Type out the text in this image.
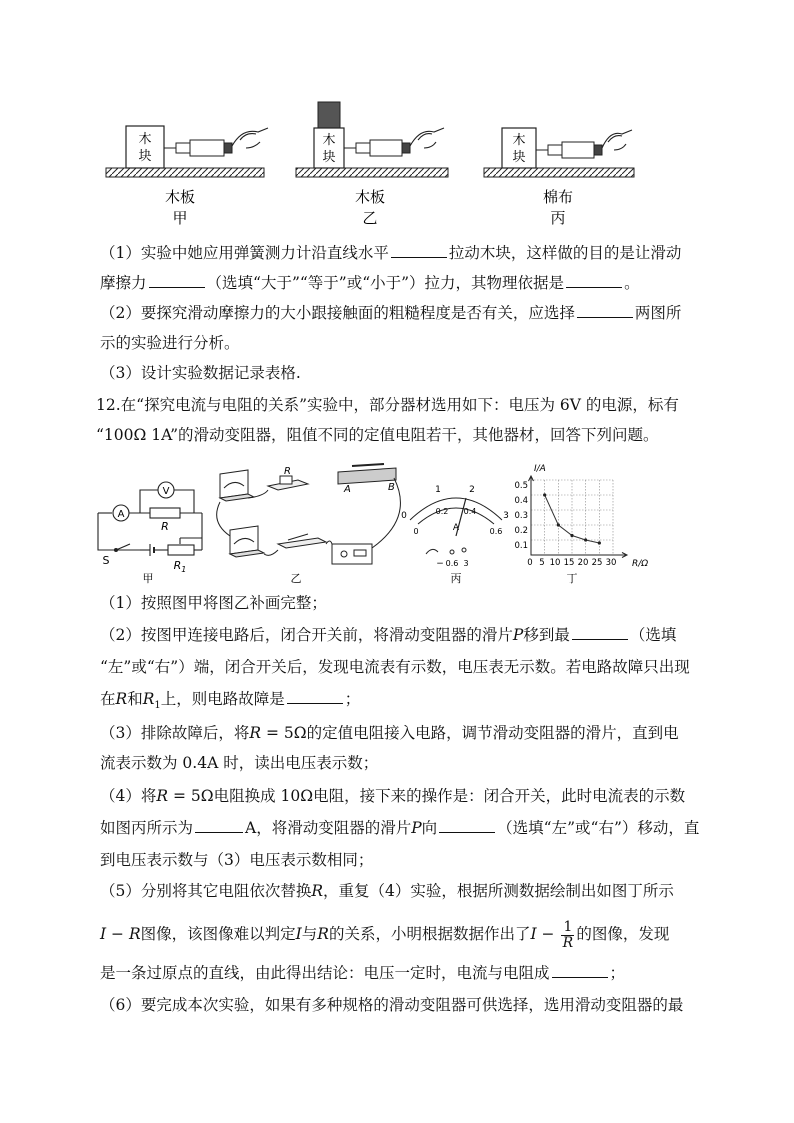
木
块
木板
甲
木
块
木板
乙
木
块
棉布
丙
（1）实验中她应用弹簧测力计沿直线水平	拉动木块，这样做的目的是让滑动
摩擦力	（选填“大于”“等于”或“小于”）拉力，其物理依据是	。
（2）要探究滑动摩擦力的大小跟接触面的粗糙程度是否有关，应选择	两图所
示的实验进行分析。
（3）设计实验数据记录表格.
12.在“探究电流与电阻的关系”实验中，部分器材选用如下：电压为 6V 的电源，标有
“100Ω 1A”的滑动变阻器，阻值不同的定值电阻若干，其他器材，回答下列问题。
A
V
R
S	$R_1$
甲
R
A	B
乙
0
1	2
3
0
0.2 0.4
0.6
A
− 0.6 3
丙
I/A
R/Ω
0.5
0.4
0.3
0.2
0.1
0 5 10 15 20 25 30
丁
（1）按照图甲将图乙补画完整；
（2）按图甲连接电路后，闭合开关前，将滑动变阻器的滑片P移到最	（选填
“左”或“右”）端，闭合开关后，发现电流表有示数，电压表无示数。若电路故障只出现
在R和$R_1$上，则电路故障是	；
（3）排除故障后，将R = 5Ω的定值电阻接入电路，调节滑动变阻器的滑片，直到电
流表示数为 0.4A 时，读出电压表示数；
（4）将R = 5Ω电阻换成 10Ω电阻，接下来的操作是：闭合开关，此时电流表的示数
如图丙所示为	A，将滑动变阻器的滑片P向	（选填“左”或“右”）移动，直
到电压表示数与（3）电压表示数相同；
（5）分别将其它电阻依次替换R，重复（4）实验，根据所测数据绘制出如图丁所示
I − R图像，该图像难以判定I与R的关系，小明根据数据作出了$I - \frac{1}{R}$ 的图像，发现
是一条过原点的直线，由此得出结论：电压一定时，电流与电阻成	；
（6）要完成本次实验，如果有多种规格的滑动变阻器可供选择，选用滑动变阻器的最
